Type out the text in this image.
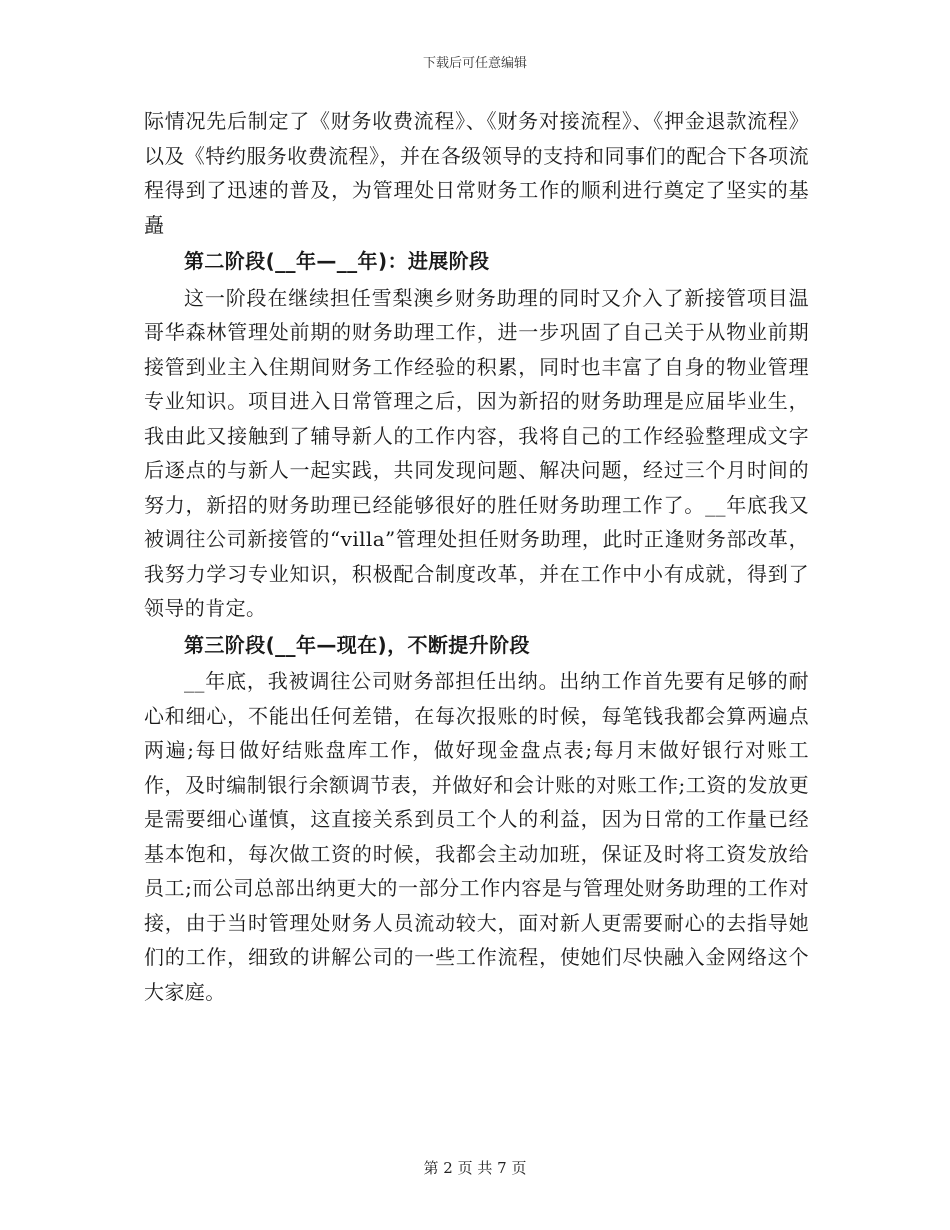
下载后可任意编辑

际情况先后制定了《财务收费流程》、《财务对接流程》、《押金退款流程》以及《特约服务收费流程》，并在各级领导的支持和同事们的配合下各项流程得到了迅速的普及，为管理处日常财务工作的顺利进行奠定了坚实的基矗

第二阶段(__年—__年)：进展阶段

这一阶段在继续担任雪梨澳乡财务助理的同时又介入了新接管项目温哥华森林管理处前期的财务助理工作，进一步巩固了自己关于从物业前期接管到业主入住期间财务工作经验的积累，同时也丰富了自身的物业管理专业知识。项目进入日常管理之后，因为新招的财务助理是应届毕业生，我由此又接触到了辅导新人的工作内容，我将自己的工作经验整理成文字后逐点的与新人一起实践，共同发现问题、解决问题，经过三个月时间的努力，新招的财务助理已经能够很好的胜任财务助理工作了。__年底我又被调往公司新接管的“villa”管理处担任财务助理，此时正逢财务部改革，我努力学习专业知识，积极配合制度改革，并在工作中小有成就，得到了领导的肯定。

第三阶段(__年—现在)，不断提升阶段

__年底，我被调往公司财务部担任出纳。出纳工作首先要有足够的耐心和细心，不能出任何差错，在每次报账的时候，每笔钱我都会算两遍点两遍;每日做好结账盘库工作，做好现金盘点表;每月末做好银行对账工作，及时编制银行余额调节表，并做好和会计账的对账工作;工资的发放更是需要细心谨慎，这直接关系到员工个人的利益，因为日常的工作量已经基本饱和，每次做工资的时候，我都会主动加班，保证及时将工资发放给员工;而公司总部出纳更大的一部分工作内容是与管理处财务助理的工作对接，由于当时管理处财务人员流动较大，面对新人更需要耐心的去指导她们的工作，细致的讲解公司的一些工作流程，使她们尽快融入金网络这个大家庭。

第 2 页 共 7 页
